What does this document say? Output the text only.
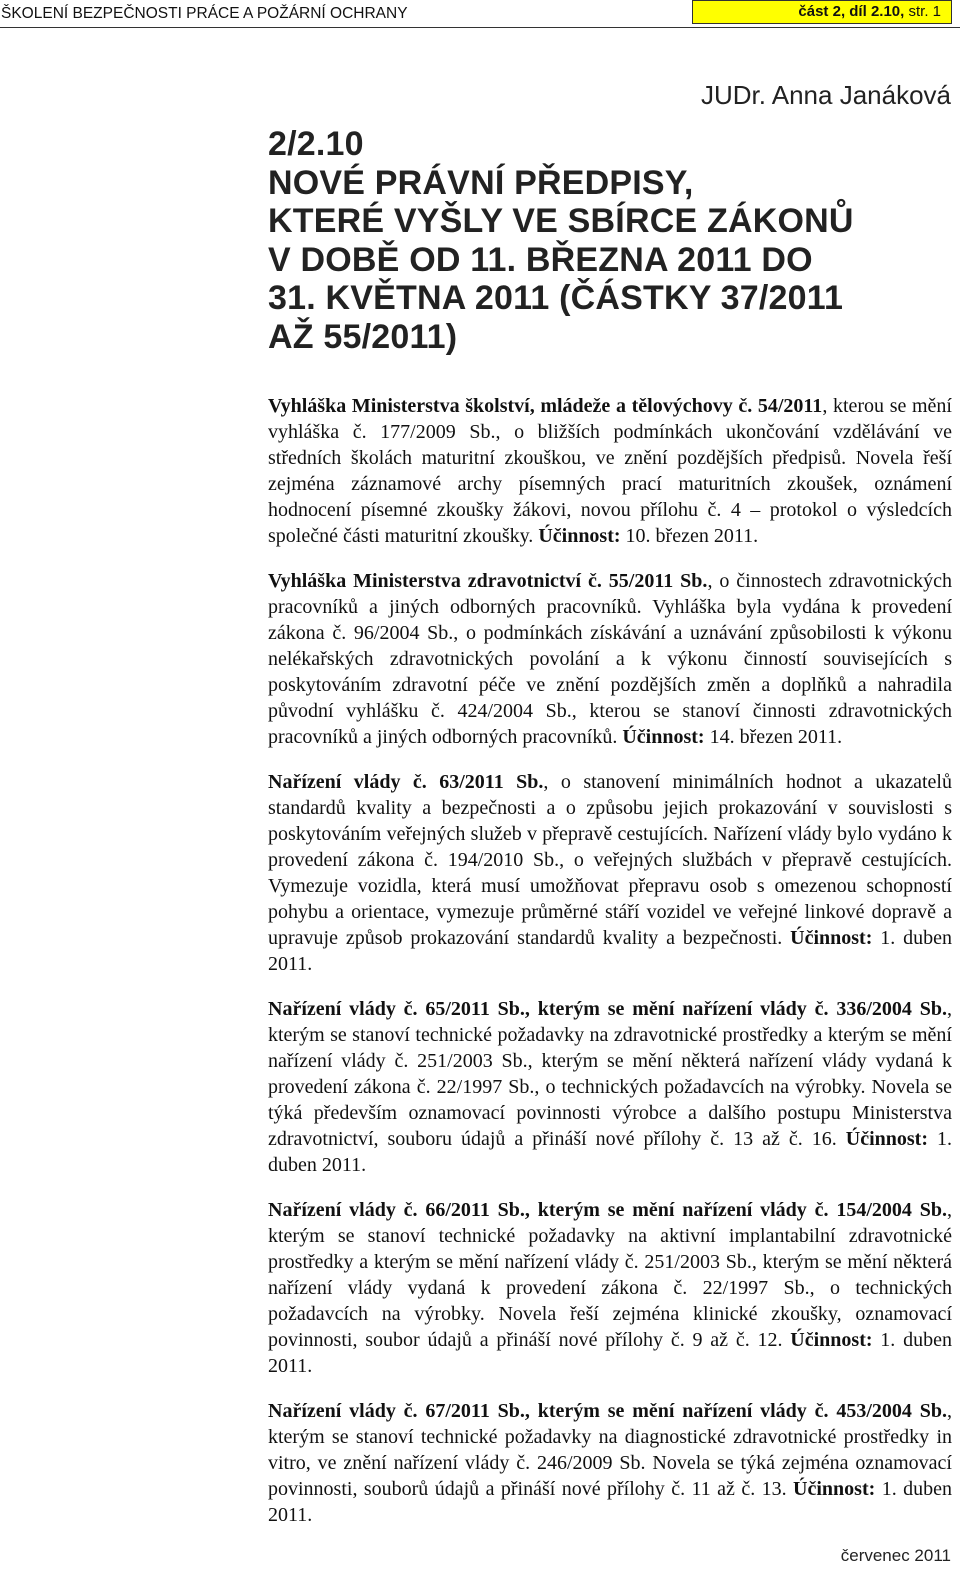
ŠKOLENÍ BEZPEČNOSTI PRÁCE A POŽÁRNÍ OCHRANY	část 2, díl 2.10, str. 1
JUDr. Anna Janáková
2/2.10
NOVÉ PRÁVNÍ PŘEDPISY,
KTERÉ VYŠLY VE SBÍRCE ZÁKONŮ
V DOBĚ OD 11. BŘEZNA 2011 DO
31. KVĚTNA 2011 (ČÁSTKY 37/2011
AŽ 55/2011)

Vyhláška Ministerstva školství, mládeže a tělovýchovy č. 54/2011, kterou se mění vyhláška č. 177/2009 Sb., o bližších podmínkách ukončování vzdělávání ve středních školách maturitní zkouškou, ve znění pozdějších předpisů. Novela řeší zejména záznamové archy písemných prací maturitních zkoušek, oznámení hodnocení písemné zkoušky žákovi, novou přílohu č. 4 – protokol o výsledcích společné části maturitní zkoušky. Účinnost: 10. březen 2011.

Vyhláška Ministerstva zdravotnictví č. 55/2011 Sb., o činnostech zdravotnických pracovníků a jiných odborných pracovníků. Vyhláška byla vydána k provedení zákona č. 96/2004 Sb., o podmínkách získávání a uznávání způsobilosti k výkonu nelékařských zdravotnických povolání a k výkonu činností souvisejících s poskytováním zdravotní péče ve znění pozdějších změn a doplňků a nahradila původní vyhlášku č. 424/2004 Sb., kterou se stanoví činnosti zdravotnických pracovníků a jiných odborných pracovníků. Účinnost: 14. březen 2011.

Nařízení vlády č. 63/2011 Sb., o stanovení minimálních hodnot a ukazatelů standardů kvality a bezpečnosti a o způsobu jejich prokazování v souvislosti s poskytováním veřejných služeb v přepravě cestujících. Nařízení vlády bylo vydáno k provedení zákona č. 194/2010 Sb., o veřejných službách v přepravě cestujících. Vymezuje vozidla, která musí umožňovat přepravu osob s omezenou schopností pohybu a orientace, vymezuje průměrné stáří vozidel ve veřejné linkové dopravě a upravuje způsob prokazování standardů kvality a bezpečnosti. Účinnost: 1. duben 2011.

Nařízení vlády č. 65/2011 Sb., kterým se mění nařízení vlády č. 336/2004 Sb., kterým se stanoví technické požadavky na zdravotnické prostředky a kterým se mění nařízení vlády č. 251/2003 Sb., kterým se mění některá nařízení vlády vydaná k provedení zákona č. 22/1997 Sb., o technických požadavcích na výrobky. Novela se týká především oznamovací povinnosti výrobce a dalšího postupu Ministerstva zdravotnictví, souboru údajů a přináší nové přílohy č. 13 až č. 16. Účinnost: 1. duben 2011.

Nařízení vlády č. 66/2011 Sb., kterým se mění nařízení vlády č. 154/2004 Sb., kterým se stanoví technické požadavky na aktivní implantabilní zdravotnické prostředky a kterým se mění nařízení vlády č. 251/2003 Sb., kterým se mění některá nařízení vlády vydaná k provedení zákona č. 22/1997 Sb., o technických požadavcích na výrobky. Novela řeší zejména klinické zkoušky, oznamovací povinnosti, soubor údajů a přináší nové přílohy č. 9 až č. 12. Účinnost: 1. duben 2011.

Nařízení vlády č. 67/2011 Sb., kterým se mění nařízení vlády č. 453/2004 Sb., kterým se stanoví technické požadavky na diagnostické zdravotnické prostředky in vitro, ve znění nařízení vlády č. 246/2009 Sb. Novela se týká zejména oznamovací povinnosti, souborů údajů a přináší nové přílohy č. 11 až č. 13. Účinnost: 1. duben 2011.

červenec 2011
